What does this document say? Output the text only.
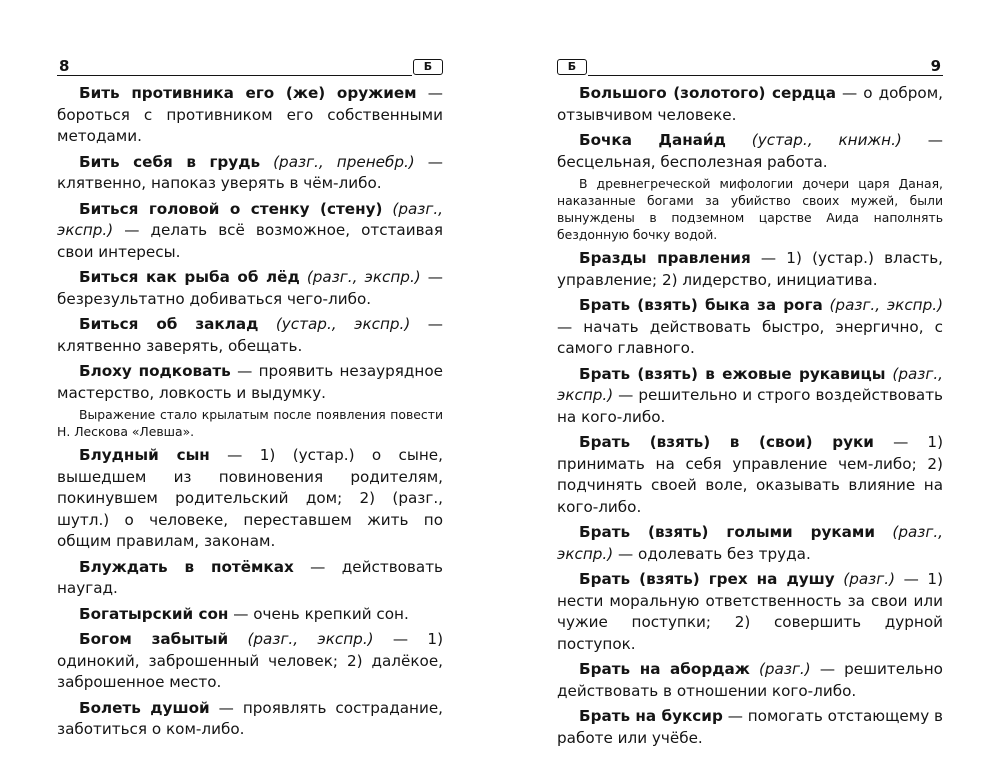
8	Б
Бить противника его (же) оружием — бороться с противником его собственными методами.
Бить себя в грудь (разг., пренебр.) — клятвенно, напоказ уверять в чём-либо.
Биться головой о стенку (стену) (разг., экспр.) — делать всё возможное, отстаивая свои интересы.
Биться как рыба об лёд (разг., экспр.) — безрезультатно добиваться чего-либо.
Биться об заклад (устар., экспр.) — клятвенно заверять, обещать.
Блоху подковать — проявить незаурядное мастерство, ловкость и выдумку.
Выражение стало крылатым после появления повести Н. Лескова «Левша».
Блудный сын — 1) (устар.) о сыне, вышедшем из повиновения родителям, покинувшем родительский дом; 2) (разг., шутл.) о человеке, переставшем жить по общим правилам, законам.
Блуждать в потёмках — действовать наугад.
Богатырский сон — очень крепкий сон.
Богом забытый (разг., экспр.) — 1) одинокий, заброшенный человек; 2) далёкое, заброшенное место.
Болеть душой — проявлять сострадание, заботиться о ком-либо.
Б	9
Большого (золотого) сердца — о добром, отзывчивом человеке.
Бочка Данаи́д (устар., книжн.) — бесцельная, бесполезная работа.
В древнегреческой мифологии дочери царя Даная, наказанные богами за убийство своих мужей, были вынуждены в подземном царстве Аида наполнять бездонную бочку водой.
Бразды правления — 1) (устар.) власть, управление; 2) лидерство, инициатива.
Брать (взять) быка за рога (разг., экспр.) — начать действовать быстро, энергично, с самого главного.
Брать (взять) в ежовые рукавицы (разг., экспр.) — решительно и строго воздействовать на кого-либо.
Брать (взять) в (свои) руки — 1) принимать на себя управление чем-либо; 2) подчинять своей воле, оказывать влияние на кого-либо.
Брать (взять) голыми руками (разг., экспр.) — одолевать без труда.
Брать (взять) грех на душу (разг.) — 1) нести моральную ответственность за свои или чужие поступки; 2) совершить дурной поступок.
Брать на абордаж (разг.) — решительно действовать в отношении кого-либо.
Брать на буксир — помогать отстающему в работе или учёбе.
